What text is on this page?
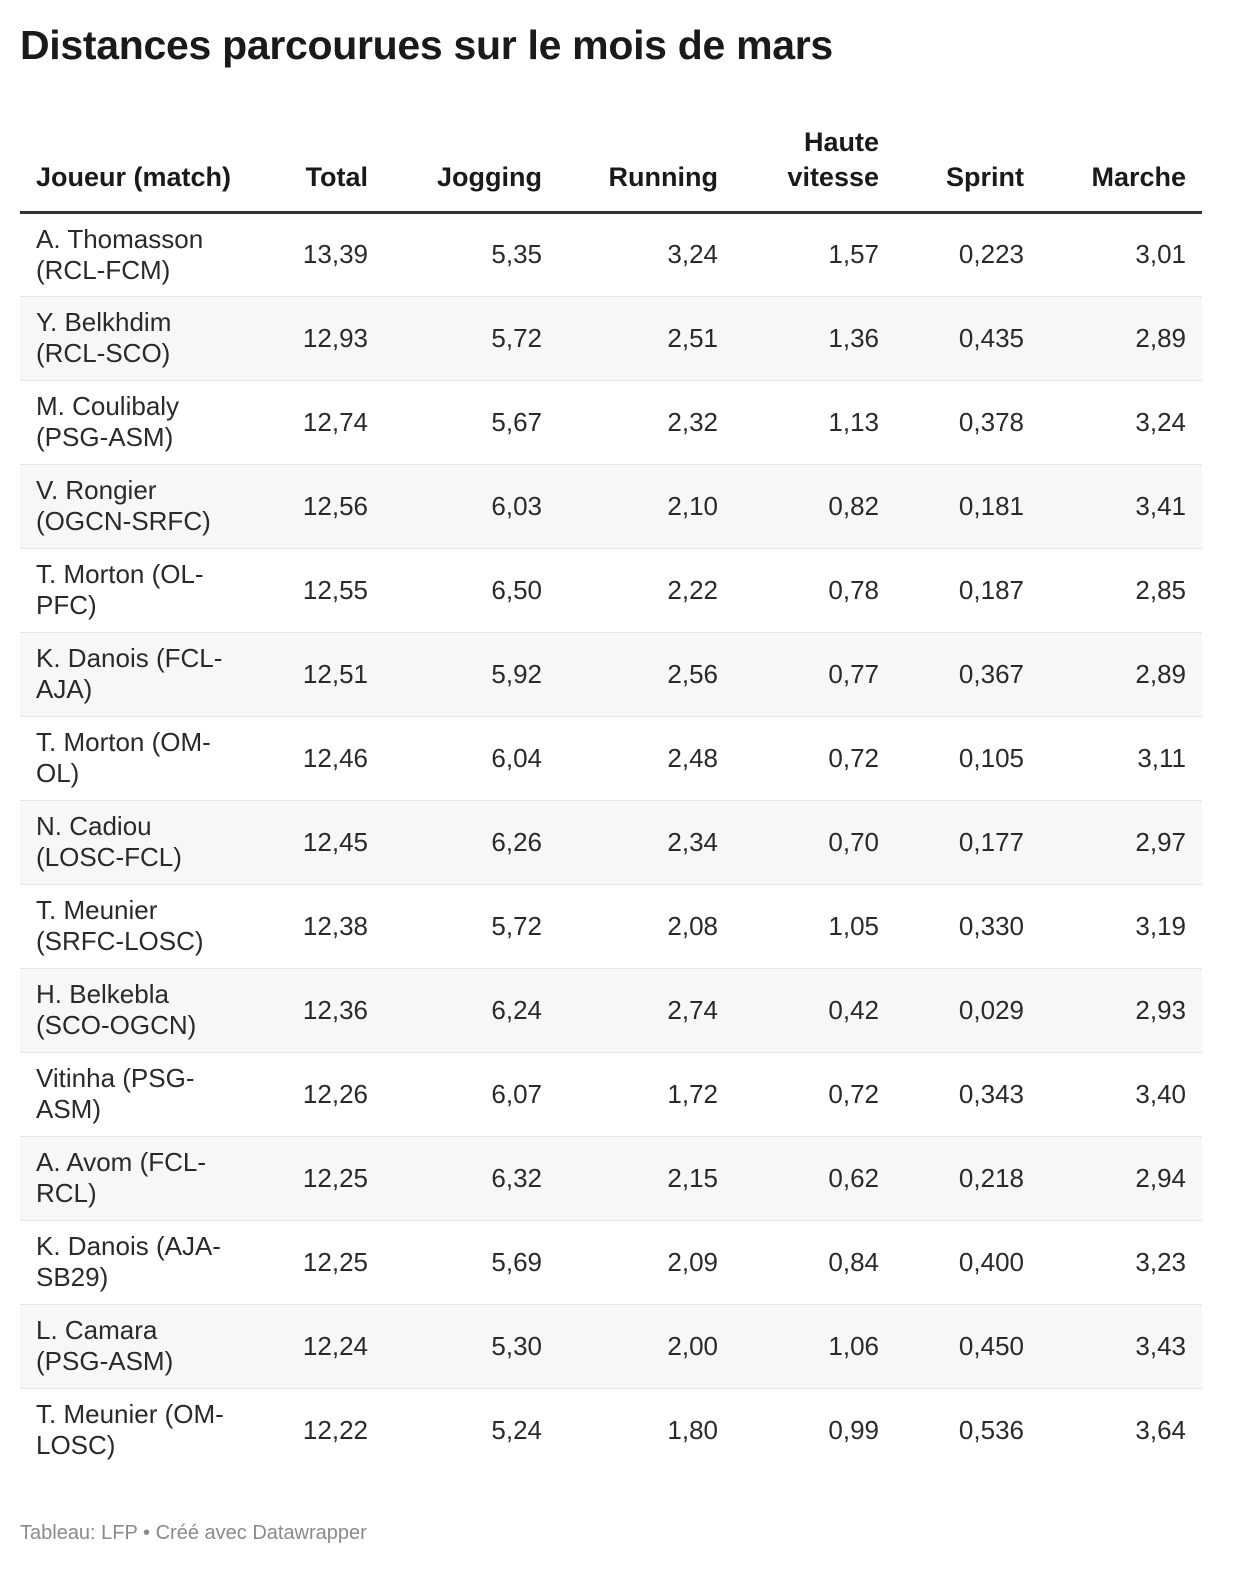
Distances parcourues sur le mois de mars
Joueur (match)	Total	Jogging	Running	Haute vitesse	Sprint	Marche
A. Thomasson (RCL-FCM)	13,39	5,35	3,24	1,57	0,223	3,01
Y. Belkhdim (RCL-SCO)	12,93	5,72	2,51	1,36	0,435	2,89
M. Coulibaly (PSG-ASM)	12,74	5,67	2,32	1,13	0,378	3,24
V. Rongier (OGCN-SRFC)	12,56	6,03	2,10	0,82	0,181	3,41
T. Morton (OL-PFC)	12,55	6,50	2,22	0,78	0,187	2,85
K. Danois (FCL-AJA)	12,51	5,92	2,56	0,77	0,367	2,89
T. Morton (OM-OL)	12,46	6,04	2,48	0,72	0,105	3,11
N. Cadiou (LOSC-FCL)	12,45	6,26	2,34	0,70	0,177	2,97
T. Meunier (SRFC-LOSC)	12,38	5,72	2,08	1,05	0,330	3,19
H. Belkebla (SCO-OGCN)	12,36	6,24	2,74	0,42	0,029	2,93
Vitinha (PSG-ASM)	12,26	6,07	1,72	0,72	0,343	3,40
A. Avom (FCL-RCL)	12,25	6,32	2,15	0,62	0,218	2,94
K. Danois (AJA-SB29)	12,25	5,69	2,09	0,84	0,400	3,23
L. Camara (PSG-ASM)	12,24	5,30	2,00	1,06	0,450	3,43
T. Meunier (OM-LOSC)	12,22	5,24	1,80	0,99	0,536	3,64
Tableau: LFP • Créé avec Datawrapper
